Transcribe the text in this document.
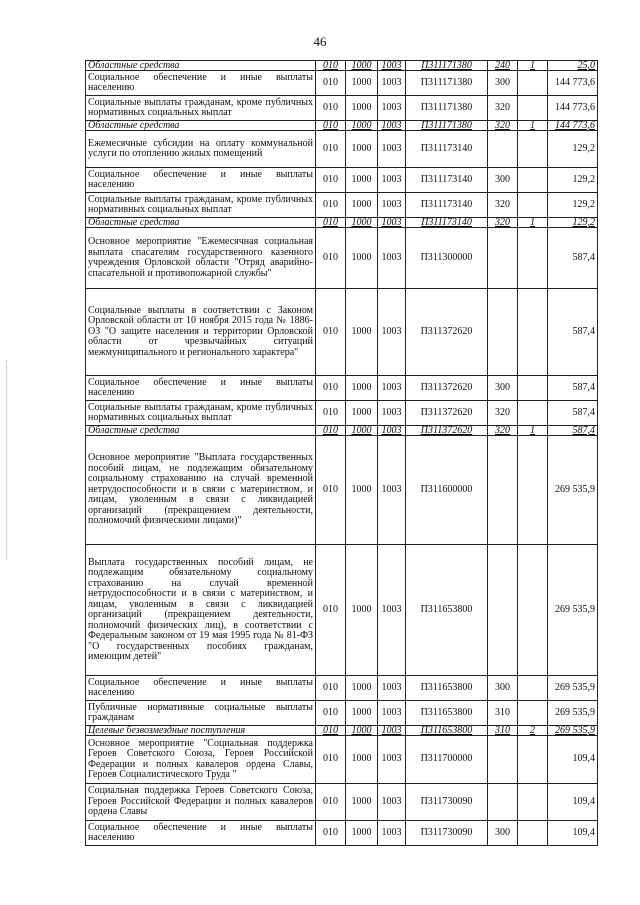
46
Областные средства	010	1000	1003	П311171380	240	1	25,0
Социальное обеспечение и иные выплаты населению	010	1000	1003	П311171380	300		144 773,6
Социальные выплаты гражданам, кроме публичных нормативных социальных выплат	010	1000	1003	П311171380	320		144 773,6
Областные средства	010	1000	1003	П311171380	320	1	144 773,6
Ежемесячные субсидии на оплату коммунальной услуги по отоплению жилых помещений	010	1000	1003	П311173140			129,2
Социальное обеспечение и иные выплаты населению	010	1000	1003	П311173140	300		129,2
Социальные выплаты гражданам, кроме публичных нормативных социальных выплат	010	1000	1003	П311173140	320		129,2
Областные средства	010	1000	1003	П311173140	320	1	129,2
Основное мероприятие "Ежемесячная социальная выплата спасателям государственного казенного учреждения Орловской области "Отряд аварийно-спасательной и противопожарной службы"	010	1000	1003	П311300000			587,4
Социальные выплаты в соответствии с Законом Орловской области от 10 ноября 2015 года № 1886-ОЗ "О защите населения и территории Орловской области от чрезвычайных ситуаций межмуниципального и регионального характера"	010	1000	1003	П311372620			587,4
Социальное обеспечение и иные выплаты населению	010	1000	1003	П311372620	300		587,4
Социальные выплаты гражданам, кроме публичных нормативных социальных выплат	010	1000	1003	П311372620	320		587,4
Областные средства	010	1000	1003	П311372620	320	1	587,4
Основное мероприятие "Выплата государственных пособий лицам, не подлежащим обязательному социальному страхованию на случай временной нетрудоспособности и в связи с материнством, и лицам, уволенным в связи с ликвидацией организаций (прекращением деятельности, полномочий физическими лицами)"	010	1000	1003	П311600000			269 535,9
Выплата государственных пособий лицам, не подлежащим обязательному социальному страхованию на случай временной нетрудоспособности и в связи с материнством, и лицам, уволенным в связи с ликвидацией организаций (прекращением деятельности, полномочий физических лиц), в соответствии с Федеральным законом от 19 мая 1995 года № 81-ФЗ "О государственных пособиях гражданам, имеющим детей"	010	1000	1003	П311653800			269 535,9
Социальное обеспечение и иные выплаты населению	010	1000	1003	П311653800	300		269 535,9
Публичные нормативные социальные выплаты гражданам	010	1000	1003	П311653800	310		269 535,9
Целевые безвозмездные поступления	010	1000	1003	П311653800	310	2	269 535,9
Основное мероприятие "Социальная поддержка Героев Советского Союза, Героев Российской Федерации и полных кавалеров ордена Славы, Героев Социалистического Труда "	010	1000	1003	П311700000			109,4
Социальная поддержка Героев Советского Союза, Героев Российской Федерации и полных кавалеров ордена Славы	010	1000	1003	П311730090			109,4
Социальное обеспечение и иные выплаты населению	010	1000	1003	П311730090	300		109,4
